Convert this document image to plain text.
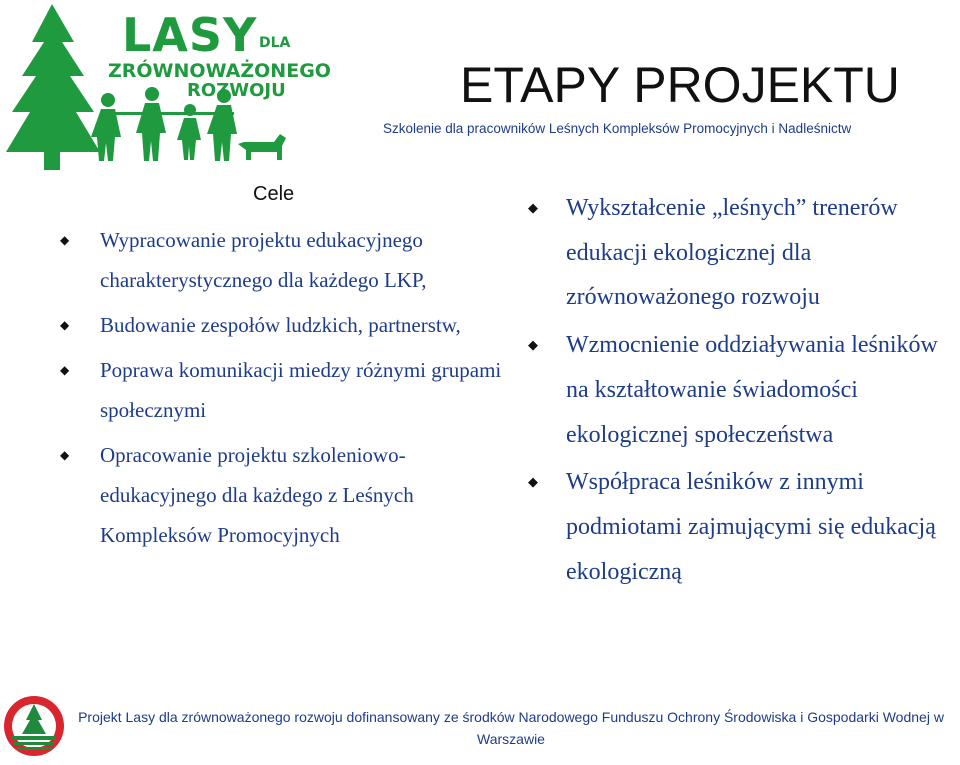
LASY DLA
ZRÓWNOWAŻONEGO
ROZWOJU	ETAPY PROJEKTU
Szkolenie dla pracowników Leśnych Kompleksów Promocyjnych i Nadleśnictw
Cele
◆ Wypracowanie projektu edukacyjnego charakterystycznego dla każdego LKP,
◆ Budowanie zespołów ludzkich, partnerstw,
◆ Poprawa komunikacji miedzy różnymi grupami społecznymi
◆ Opracowanie projektu szkoleniowo-edukacyjnego dla każdego z Leśnych Kompleksów Promocyjnych
◆ Wykształcenie „leśnych” trenerów edukacji ekologicznej dla zrównoważonego rozwoju
◆ Wzmocnienie oddziaływania leśników na kształtowanie świadomości ekologicznej społeczeństwa
◆ Współpraca leśników z innymi podmiotami zajmującymi się edukacją ekologiczną
Projekt Lasy dla zrównoważonego rozwoju dofinansowany ze środków Narodowego Funduszu Ochrony Środowiska i Gospodarki Wodnej w Warszawie
